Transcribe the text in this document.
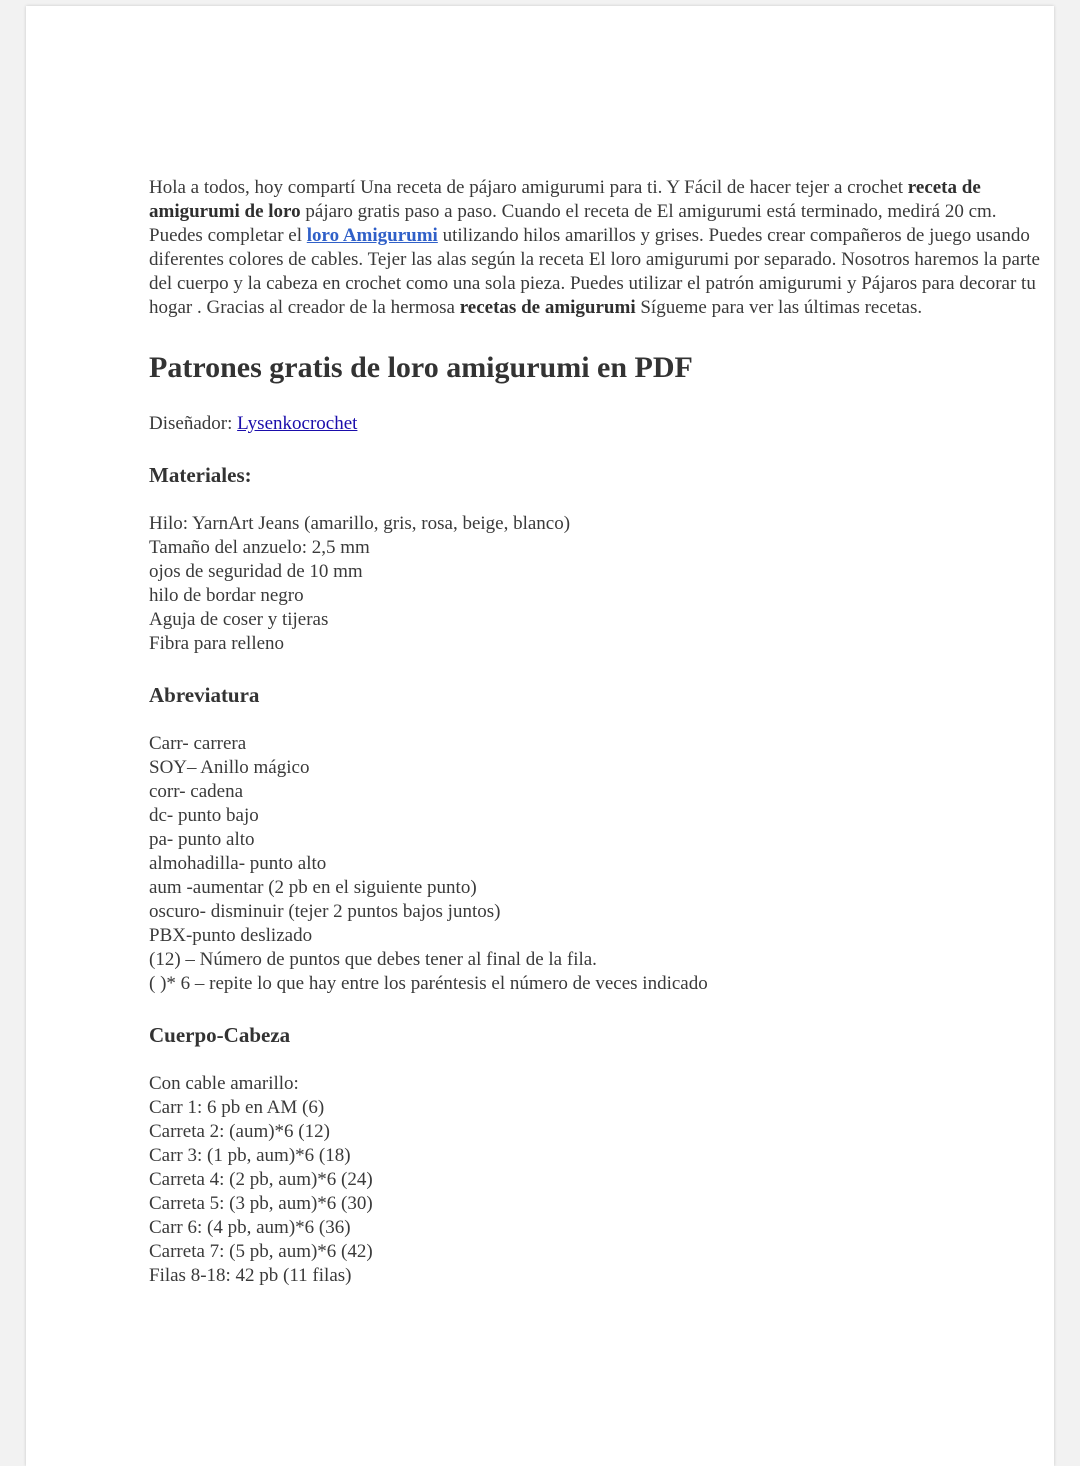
Hola a todos, hoy compartí Una receta de pájaro amigurumi para ti. Y Fácil de hacer tejer a crochet receta de amigurumi de loro pájaro gratis paso a paso. Cuando el receta de El amigurumi está terminado, medirá 20 cm. Puedes completar el loro Amigurumi utilizando hilos amarillos y grises. Puedes crear compañeros de juego usando diferentes colores de cables. Tejer las alas según la receta El loro amigurumi por separado. Nosotros haremos la parte del cuerpo y la cabeza en crochet como una sola pieza. Puedes utilizar el patrón amigurumi y Pájaros para decorar tu hogar . Gracias al creador de la hermosa recetas de amigurumi Sígueme para ver las últimas recetas.

Patrones gratis de loro amigurumi en PDF

Diseñador: Lysenkocrochet

Materiales:
Hilo: YarnArt Jeans (amarillo, gris, rosa, beige, blanco)
Tamaño del anzuelo: 2,5 mm
ojos de seguridad de 10 mm
hilo de bordar negro
Aguja de coser y tijeras
Fibra para relleno
Abreviatura
Carr- carrera
SOY– Anillo mágico
corr- cadena
dc- punto bajo
pa- punto alto
almohadilla- punto alto
aum -aumentar (2 pb en el siguiente punto)
oscuro- disminuir (tejer 2 puntos bajos juntos)
PBX-punto deslizado
(12) – Número de puntos que debes tener al final de la fila.
( )* 6 – repite lo que hay entre los paréntesis el número de veces indicado
Cuerpo-Cabeza
Con cable amarillo:
Carr 1: 6 pb en AM (6)
Carreta 2: (aum)*6 (12)
Carr 3: (1 pb, aum)*6 (18)
Carreta 4: (2 pb, aum)*6 (24)
Carreta 5: (3 pb, aum)*6 (30)
Carr 6: (4 pb, aum)*6 (36)
Carreta 7: (5 pb, aum)*6 (42)
Filas 8-18: 42 pb (11 filas)
